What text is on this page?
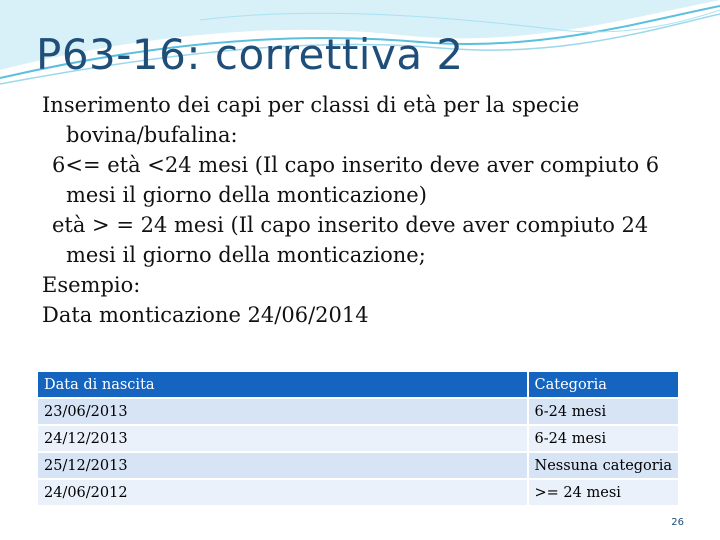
P63-16: correttiva 2
Inserimento dei capi per classi di età per la specie
bovina/bufalina:
6<= età <24 mesi (Il capo inserito deve aver compiuto 6
mesi il giorno della monticazione)
età > = 24 mesi (Il capo inserito deve aver compiuto 24
mesi il giorno della monticazione;
Esempio:
Data monticazione 24/06/2014
Data di nascita	Categoria
23/06/2013	6-24 mesi
24/12/2013	6-24 mesi
25/12/2013	Nessuna categoria
24/06/2012	>= 24 mesi
26
